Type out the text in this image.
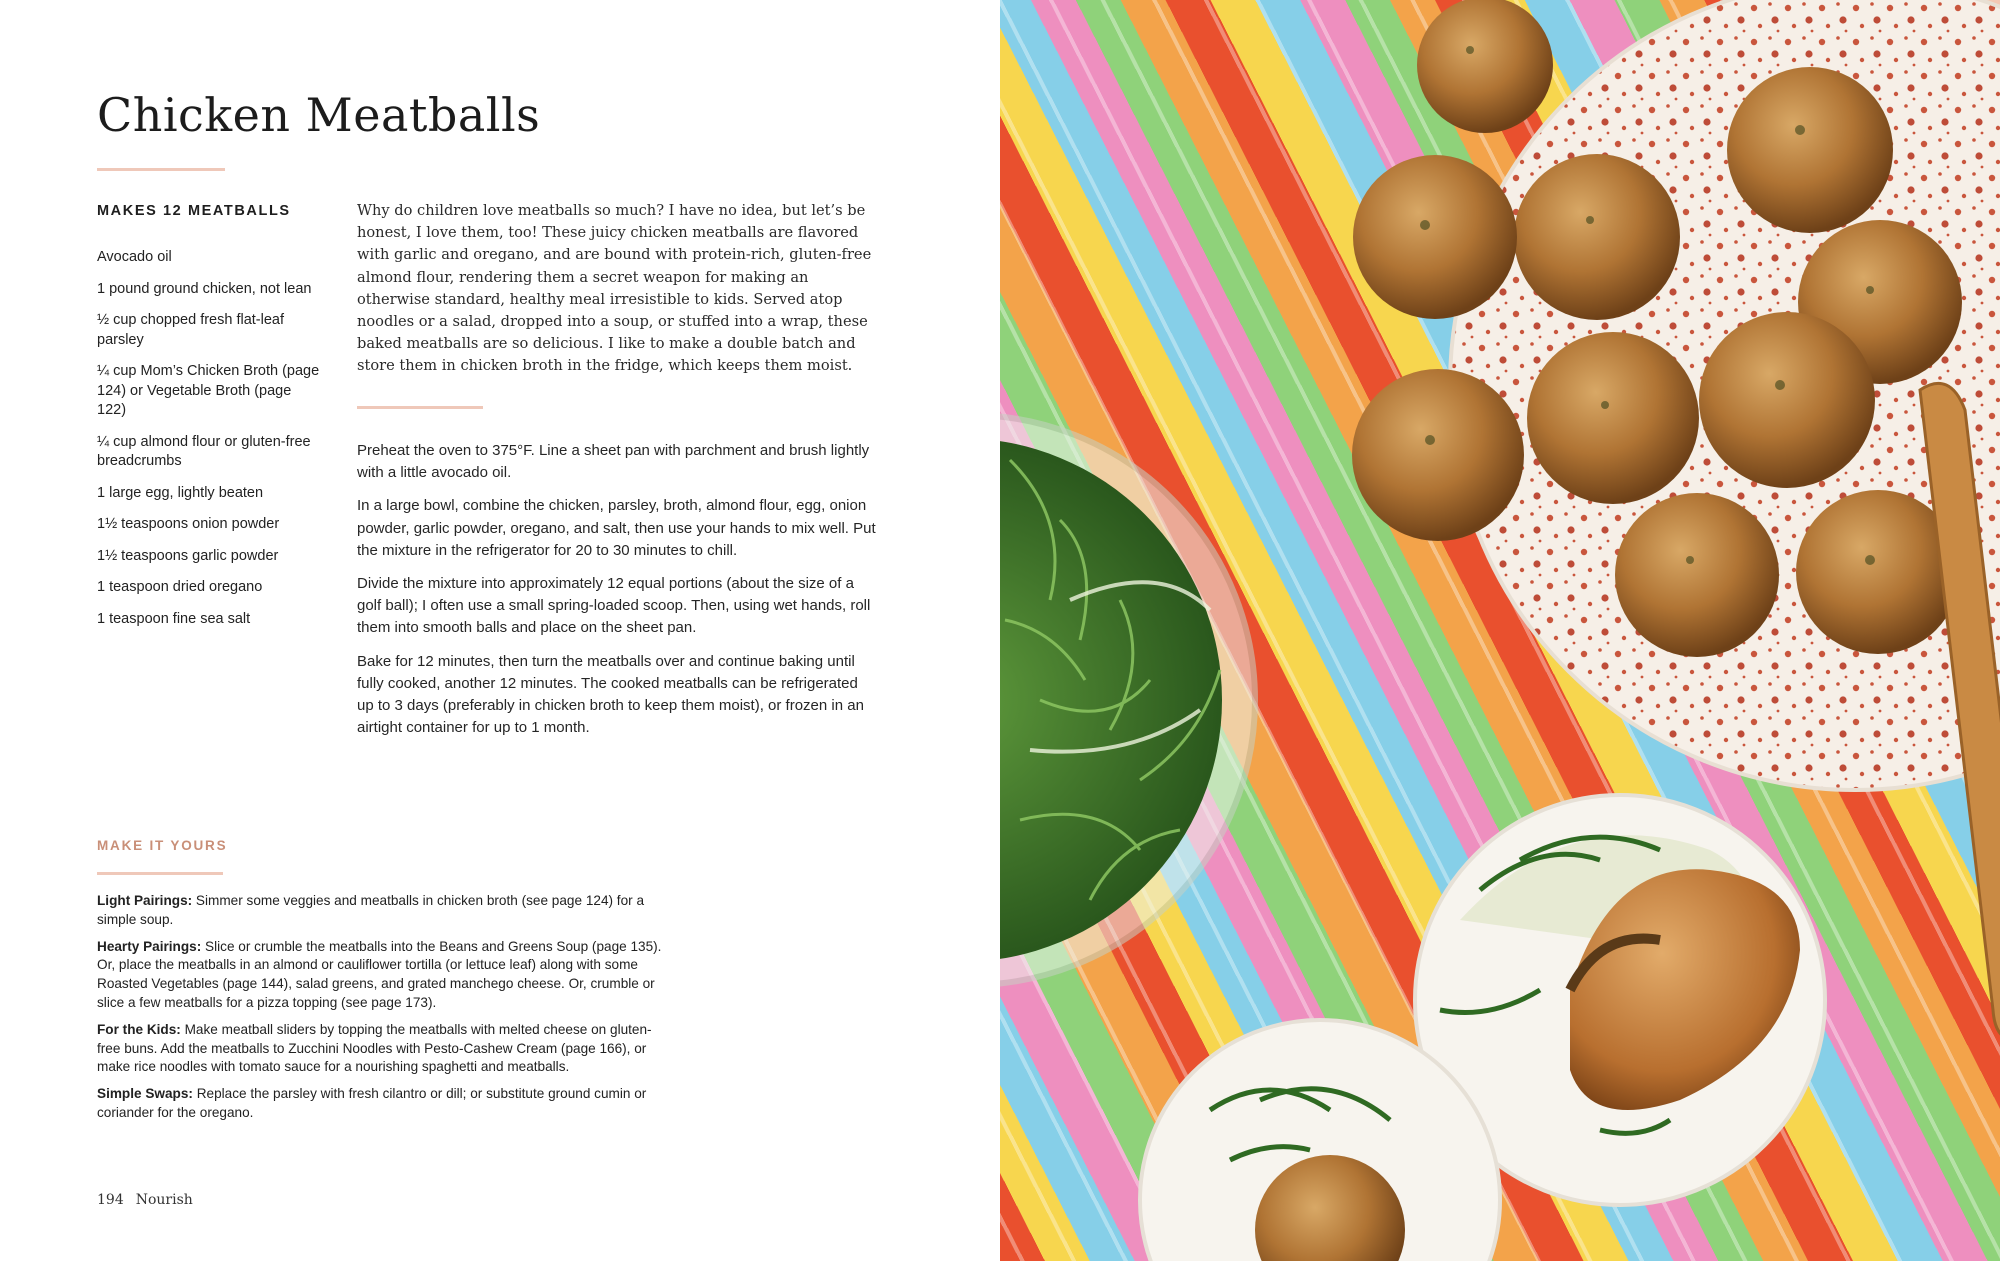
Chicken Meatballs
MAKES 12 MEATBALLS
Avocado oil
1 pound ground chicken, not lean
½ cup chopped fresh flat-leaf parsley
¼ cup Mom’s Chicken Broth (page 124) or Vegetable Broth (page 122)
¼ cup almond flour or gluten-free breadcrumbs
1 large egg, lightly beaten
1½ teaspoons onion powder
1½ teaspoons garlic powder
1 teaspoon dried oregano
1 teaspoon fine sea salt

Why do children love meatballs so much? I have no idea, but let’s be honest, I love them, too! These juicy chicken meatballs are flavored with garlic and oregano, and are bound with protein-rich, gluten-free almond flour, rendering them a secret weapon for making an otherwise standard, healthy meal irresistible to kids. Served atop noodles or a salad, dropped into a soup, or stuffed into a wrap, these baked meatballs are so delicious. I like to make a double batch and store them in chicken broth in the fridge, which keeps them moist.

Preheat the oven to 375°F. Line a sheet pan with parchment and brush lightly with a little avocado oil.

In a large bowl, combine the chicken, parsley, broth, almond flour, egg, onion powder, garlic powder, oregano, and salt, then use your hands to mix well. Put the mixture in the refrigerator for 20 to 30 minutes to chill.

Divide the mixture into approximately 12 equal portions (about the size of a golf ball); I often use a small spring-loaded scoop. Then, using wet hands, roll them into smooth balls and place on the sheet pan.

Bake for 12 minutes, then turn the meatballs over and continue baking until fully cooked, another 12 minutes. The cooked meatballs can be refrigerated up to 3 days (preferably in chicken broth to keep them moist), or frozen in an airtight container for up to 1 month.

MAKE IT YOURS

Light Pairings: Simmer some veggies and meatballs in chicken broth (see page 124) for a simple soup.

Hearty Pairings: Slice or crumble the meatballs into the Beans and Greens Soup (page 135). Or, place the meatballs in an almond or cauliflower tortilla (or lettuce leaf) along with some Roasted Vegetables (page 144), salad greens, and grated manchego cheese. Or, crumble or slice a few meatballs for a pizza topping (see page 173).

For the Kids: Make meatball sliders by topping the meatballs with melted cheese on gluten-free buns. Add the meatballs to Zucchini Noodles with Pesto-Cashew Cream (page 166), or make rice noodles with tomato sauce for a nourishing spaghetti and meatballs.

Simple Swaps: Replace the parsley with fresh cilantro or dill; or substitute ground cumin or coriander for the oregano.

194 Nourish
